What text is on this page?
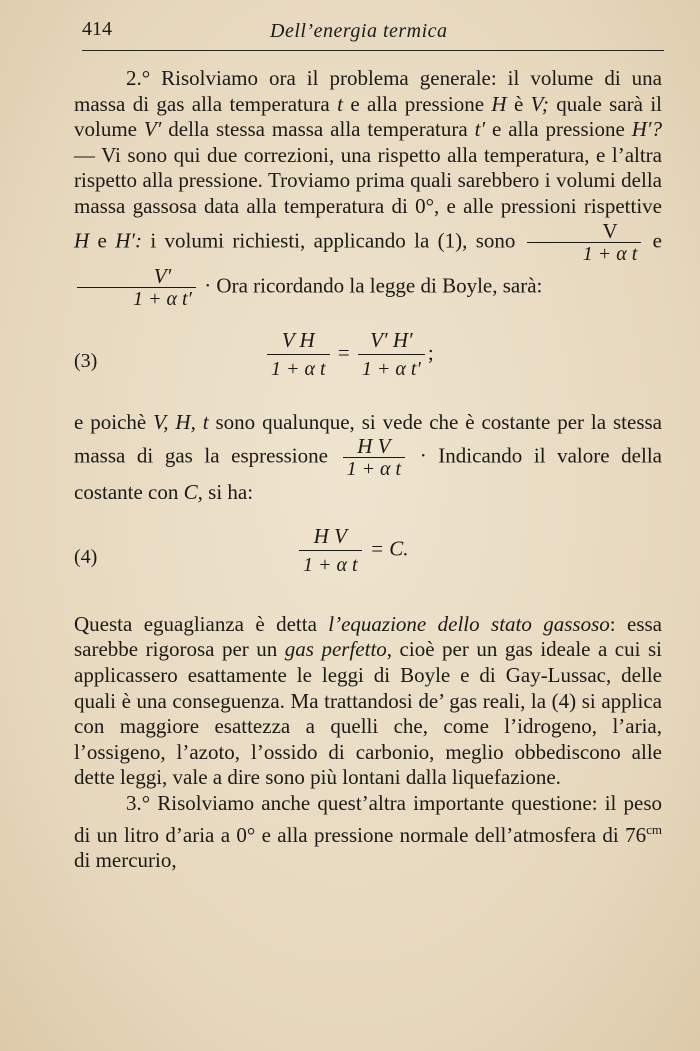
414	Dell’energia termica

2.° Risolviamo ora il problema generale: il volume di una massa di gas alla temperatura t e alla pressione H è V; quale sarà il volume V′ della stessa massa alla temperatura t′ e alla pressione H′? — Vi sono qui due correzioni, una rispetto alla temperatura, e l’altra rispetto alla pressione. Troviamo prima quali sarebbero i volumi della massa gassosa data alla temperatura di 0°, e alle pressioni rispettive H e H′: i volumi richiesti, applicando la (1), sono $\frac{V}{\text{1 + α t}}$ e
$\frac{V'}{\text{1 + α t′}}$ · Ora ricordando la legge di Boyle, sarà:

(3)	$\frac{\text{V H}}{\text{1 + α t}} = \frac{V' H'}{\text{1 + α t′}}$ ;

e poichè V, H, t sono qualunque, si vede che è costante per la stessa massa di gas la espressione $\frac{\text{H V}}{\text{1 + α t}}$ · Indicando il valore della costante con C, si ha:

(4)	$\frac{\text{H V}}{\text{1 + α t}} = C$.

Questa eguaglianza è detta l’equazione dello stato gassoso: essa sarebbe rigorosa per un gas perfetto, cioè per un gas ideale a cui si applicassero esattamente le leggi di Boyle e di Gay-Lussac, delle quali è una conseguenza. Ma trattandosi de’ gas reali, la (4) si applica con maggiore esattezza a quelli che, come l’idrogeno, l’aria, l’ossigeno, l’azoto, l’ossido di carbonio, meglio obbediscono alle dette leggi, vale a dire sono più lontani dalla liquefazione.

3.° Risolviamo anche quest’altra importante questione: il peso di un litro d’aria a 0° e alla pressione normale dell’atmosfera di $76^{cm}$ di mercurio,
